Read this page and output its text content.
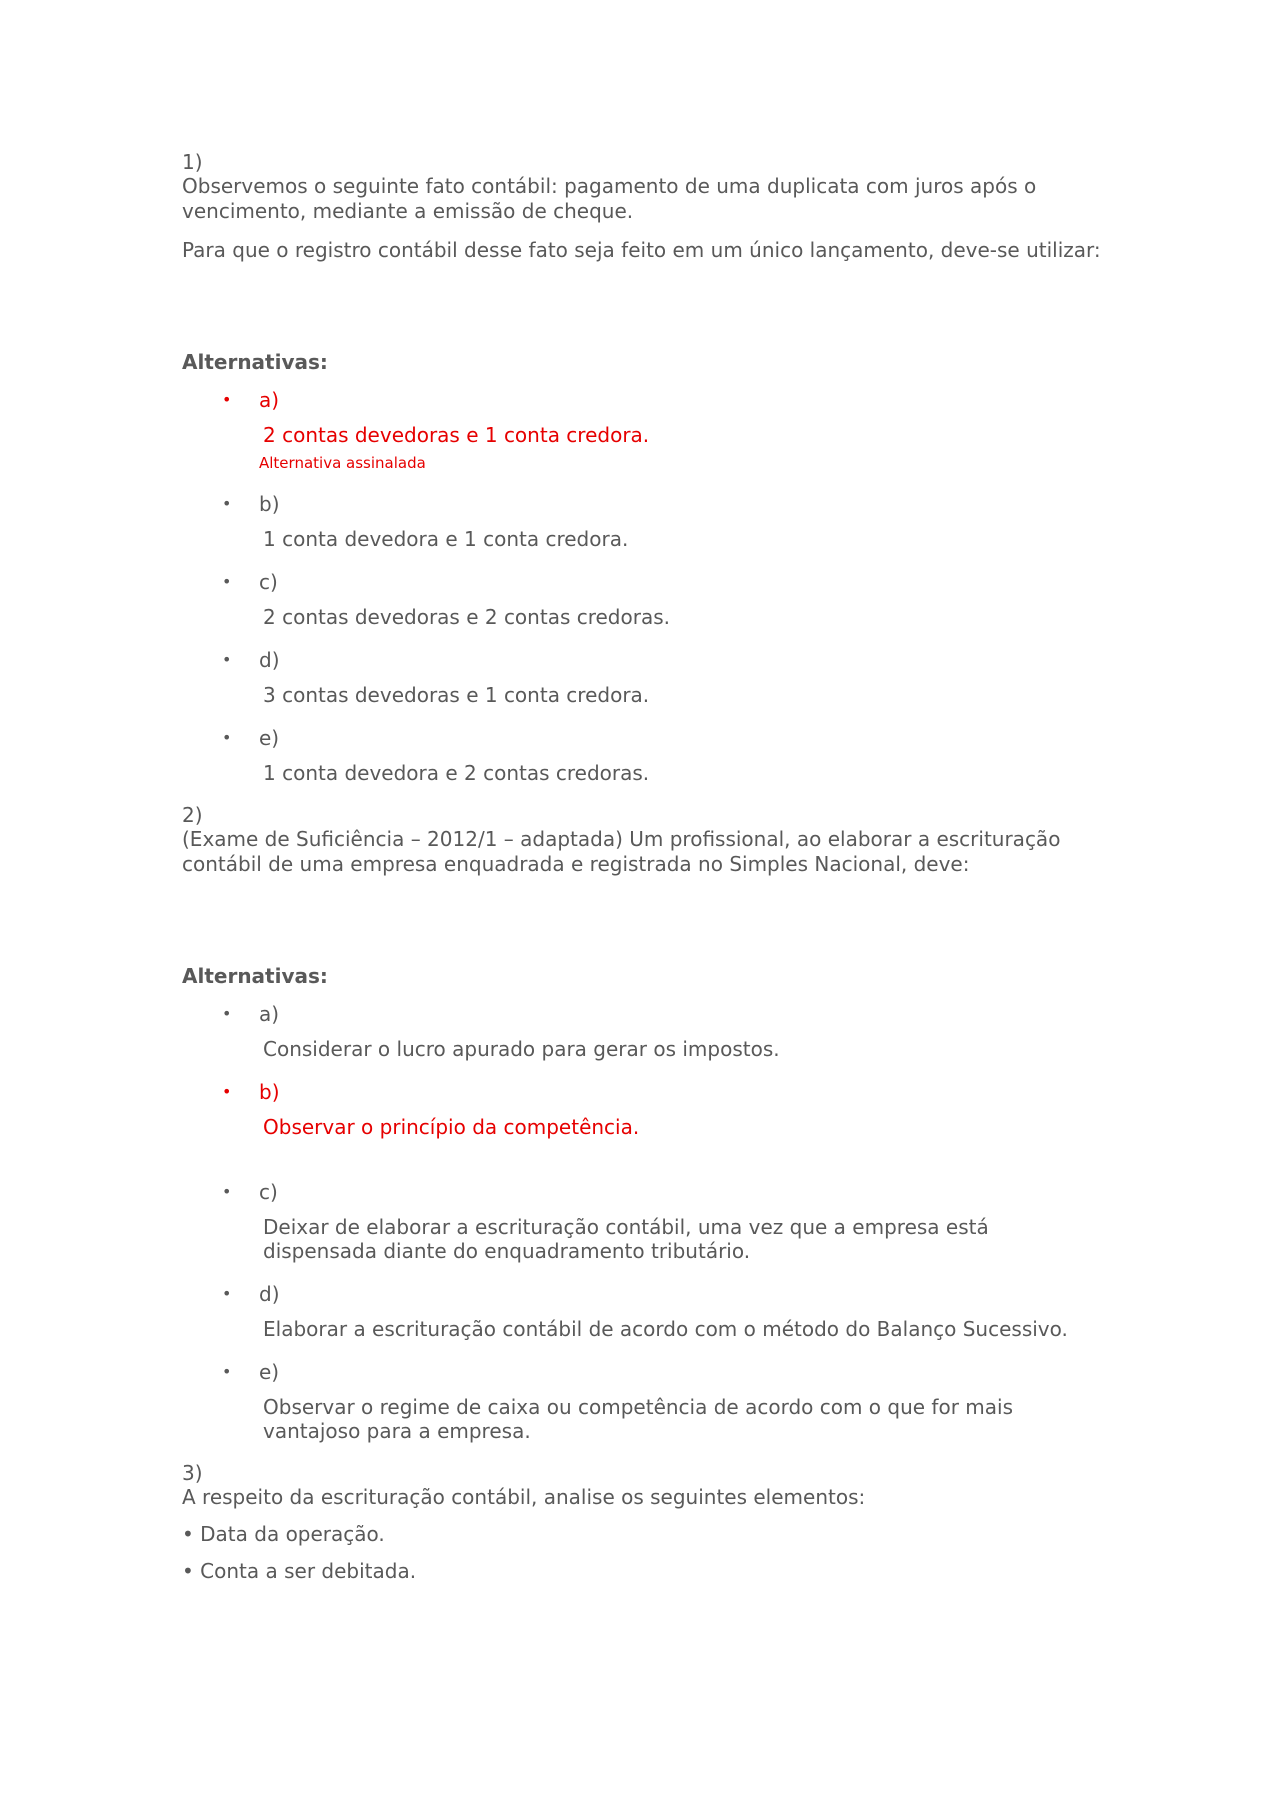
1)

Observemos o seguinte fato contábil: pagamento de uma duplicata com juros após o vencimento, mediante a emissão de cheque.

Para que o registro contábil desse fato seja feito em um único lançamento, deve-se utilizar:

Alternativas:

• a)

2 contas devedoras e 1 conta credora.

Alternativa assinalada

• b)

1 conta devedora e 1 conta credora.

• c)

2 contas devedoras e 2 contas credoras.

• d)

3 contas devedoras e 1 conta credora.

• e)

1 conta devedora e 2 contas credoras.

2)

(Exame de Suficiência – 2012/1 – adaptada) Um profissional, ao elaborar a escrituração contábil de uma empresa enquadrada e registrada no Simples Nacional, deve:

Alternativas:

• a)

Considerar o lucro apurado para gerar os impostos.

• b)

Observar o princípio da competência.

• c)

Deixar de elaborar a escrituração contábil, uma vez que a empresa está dispensada diante do enquadramento tributário.

• d)

Elaborar a escrituração contábil de acordo com o método do Balanço Sucessivo.

• e)

Observar o regime de caixa ou competência de acordo com o que for mais vantajoso para a empresa.

3)

A respeito da escrituração contábil, analise os seguintes elementos:

• Data da operação.

• Conta a ser debitada.
